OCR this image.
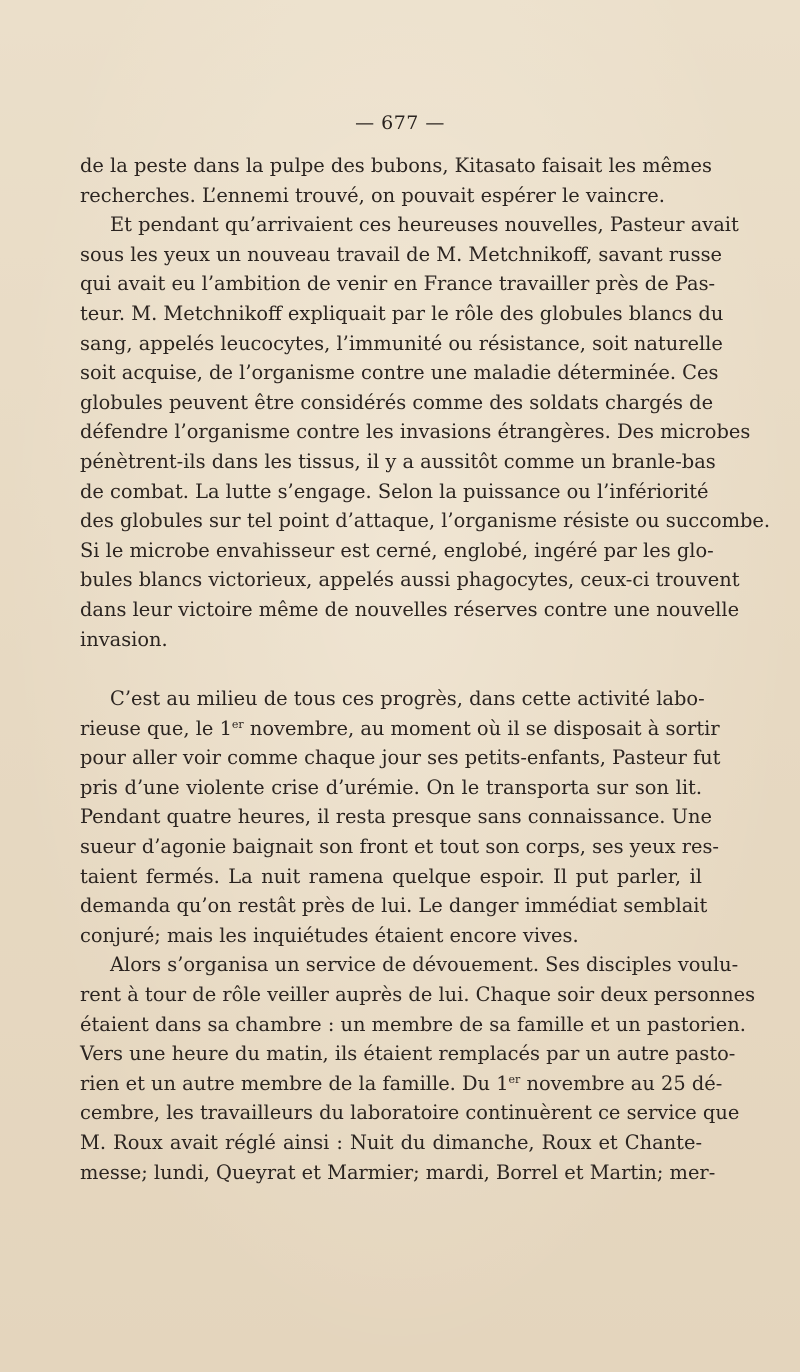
— 677 —
de la peste dans la pulpe des bubons, Kitasato faisait les mêmes
recherches. L’ennemi trouvé, on pouvait espérer le vaincre.
Et pendant qu’arrivaient ces heureuses nouvelles, Pasteur avait
sous les yeux un nouveau travail de M. Metchnikoff, savant russe
qui avait eu l’ambition de venir en France travailler près de Pas-
teur. M. Metchnikoff expliquait par le rôle des globules blancs du
sang, appelés leucocytes, l’immunité ou résistance, soit naturelle
soit acquise, de l’organisme contre une maladie déterminée. Ces
globules peuvent être considérés comme des soldats chargés de
défendre l’organisme contre les invasions étrangères. Des microbes
pénètrent-ils dans les tissus, il y a aussitôt comme un branle-bas
de combat. La lutte s’engage. Selon la puissance ou l’infériorité
des globules sur tel point d’attaque, l’organisme résiste ou succombe.
Si le microbe envahisseur est cerné, englobé, ingéré par les glo-
bules blancs victorieux, appelés aussi phagocytes, ceux-ci trouvent
dans leur victoire même de nouvelles réserves contre une nouvelle
invasion.
C’est au milieu de tous ces progrès, dans cette activité labo-
rieuse que, le 1er novembre, au moment où il se disposait à sortir
pour aller voir comme chaque jour ses petits-enfants, Pasteur fut
pris d’une violente crise d’urémie. On le transporta sur son lit.
Pendant quatre heures, il resta presque sans connaissance. Une
sueur d’agonie baignait son front et tout son corps, ses yeux res-
taient fermés. La nuit ramena quelque espoir. Il put parler, il
demanda qu’on restât près de lui. Le danger immédiat semblait
conjuré; mais les inquiétudes étaient encore vives.
Alors s’organisa un service de dévouement. Ses disciples voulu-
rent à tour de rôle veiller auprès de lui. Chaque soir deux personnes
étaient dans sa chambre : un membre de sa famille et un pastorien.
Vers une heure du matin, ils étaient remplacés par un autre pasto-
rien et un autre membre de la famille. Du 1er novembre au 25 dé-
cembre, les travailleurs du laboratoire continuèrent ce service que
M. Roux avait réglé ainsi : Nuit du dimanche, Roux et Chante-
messe; lundi, Queyrat et Marmier; mardi, Borrel et Martin; mer-
